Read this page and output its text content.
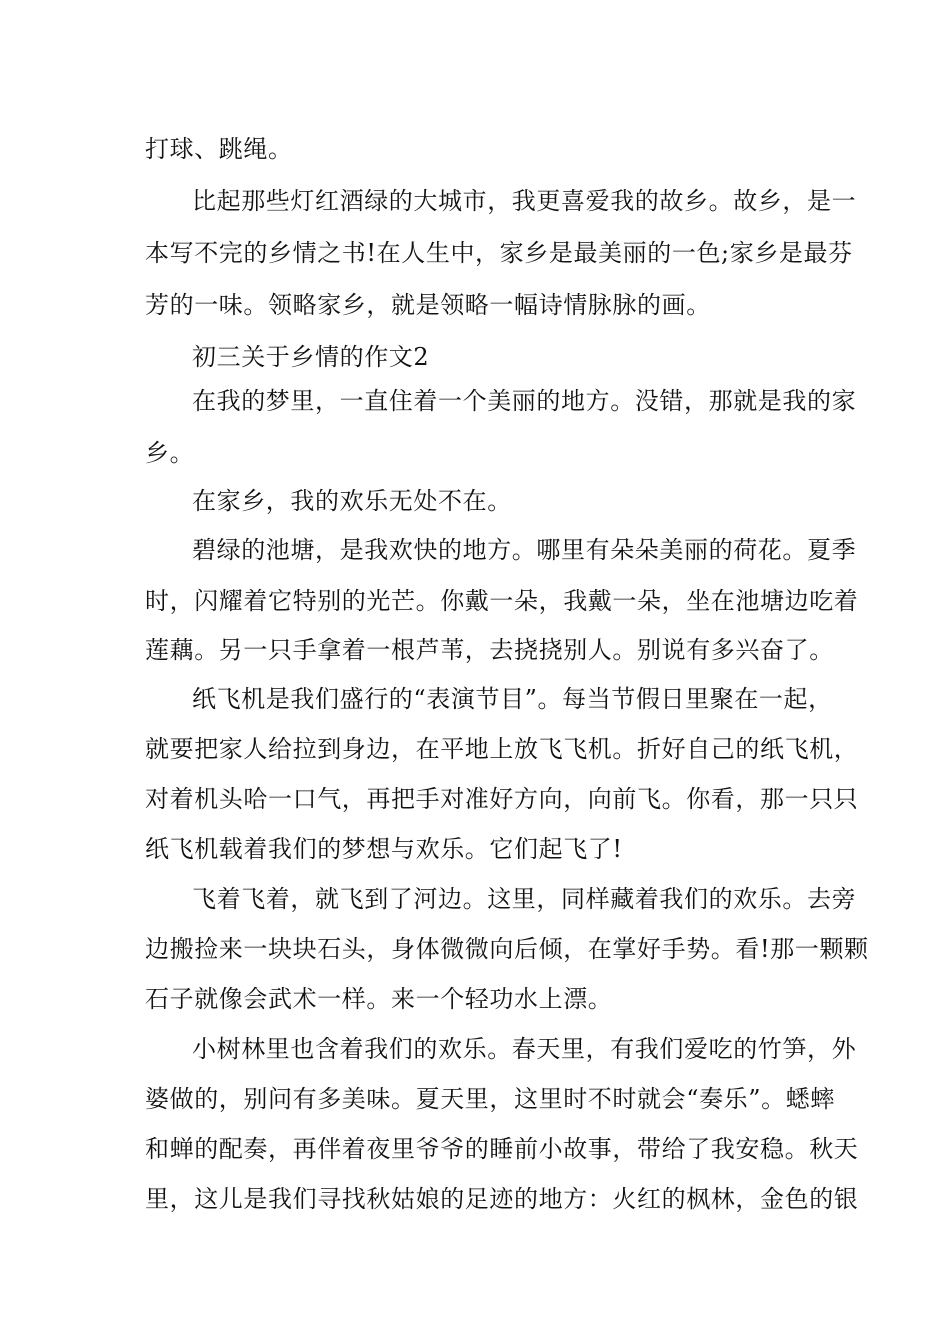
打球、跳绳。

比起那些灯红酒绿的大城市，我更喜爱我的故乡。故乡，是一

本写不完的乡情之书!在人生中，家乡是最美丽的一色;家乡是最芬

芳的一味。领略家乡，就是领略一幅诗情脉脉的画。

初三关于乡情的作文2

在我的梦里，一直住着一个美丽的地方。没错，那就是我的家

乡。

在家乡，我的欢乐无处不在。

碧绿的池塘，是我欢快的地方。哪里有朵朵美丽的荷花。夏季

时，闪耀着它特别的光芒。你戴一朵，我戴一朵，坐在池塘边吃着

莲藕。另一只手拿着一根芦苇，去挠挠别人。别说有多兴奋了。

纸飞机是我们盛行的“表演节目”。每当节假日里聚在一起，

就要把家人给拉到身边，在平地上放飞飞机。折好自己的纸飞机，

对着机头哈一口气，再把手对准好方向，向前飞。你看，那一只只

纸飞机载着我们的梦想与欢乐。它们起飞了!

飞着飞着，就飞到了河边。这里，同样藏着我们的欢乐。去旁

边搬捡来一块块石头，身体微微向后倾，在掌好手势。看!那一颗颗

石子就像会武术一样。来一个轻功水上漂。

小树林里也含着我们的欢乐。春天里，有我们爱吃的竹笋，外

婆做的，别问有多美味。夏天里，这里时不时就会“奏乐”。蟋蟀

和蝉的配奏，再伴着夜里爷爷的睡前小故事，带给了我安稳。秋天

里，这儿是我们寻找秋姑娘的足迹的地方：火红的枫林，金色的银
